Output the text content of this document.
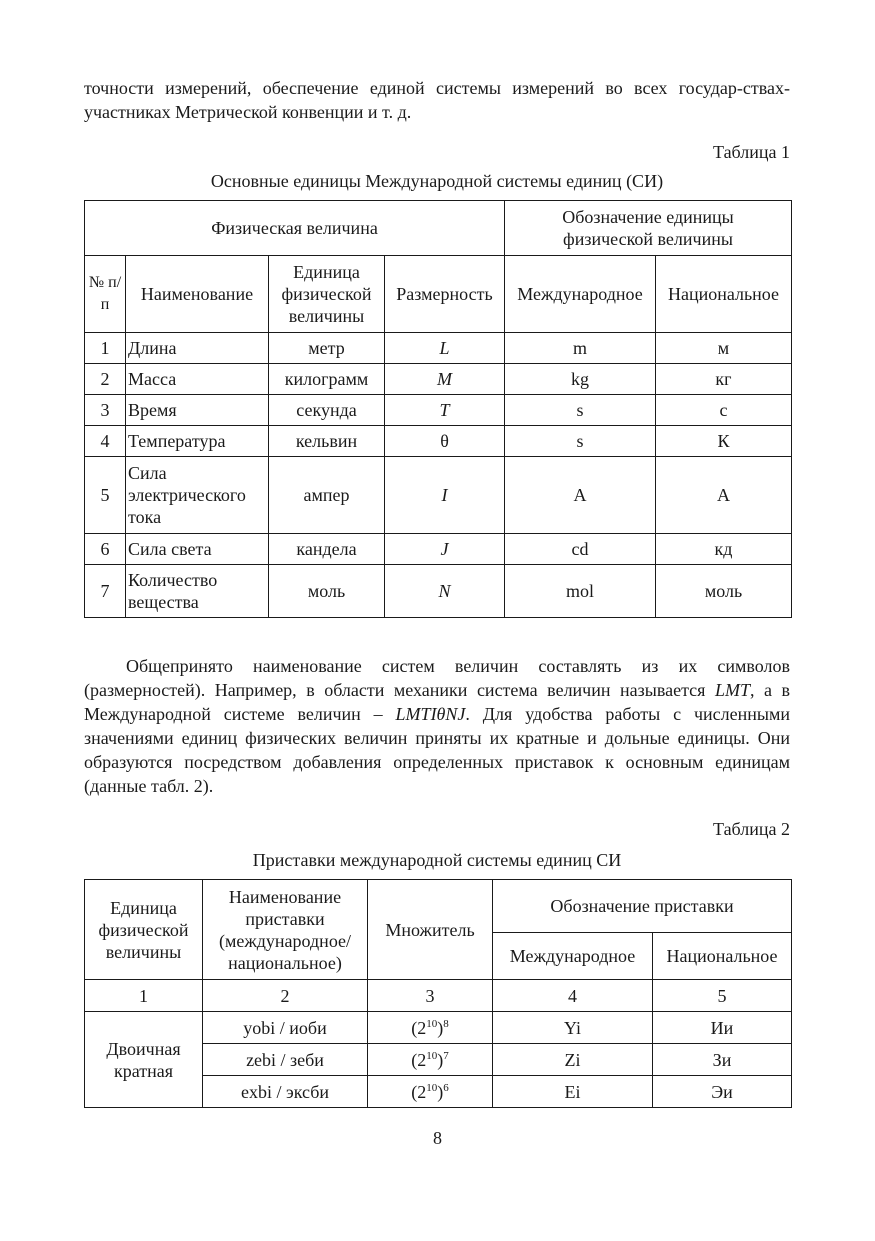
точности измерений, обеспечение единой системы измерений во всех государ-ствах-участниках Метрической конвенции и т. д.

Таблица 1
Основные единицы Международной системы единиц (СИ)
Физическая величина				Обозначение единицы физической величины	
№ п/п	Наименование	Единица физической величины	Размерность	Международное	Национальное
1	Длина	метр	L	m	м
2	Масса	килограмм	M	kg	кг
3	Время	секунда	T	s	с
4	Температура	кельвин	θ	s	К
5	Сила электрического тока	ампер	I	A	А
6	Сила света	кандела	J	cd	кд
7	Количество вещества	моль	N	mol	моль

Общепринято наименование систем величин составлять из их символов (размерностей). Например, в области механики система величин называется LMT, а в Международной системе величин – LMTIθNJ. Для удобства работы с численными значениями единиц физических величин приняты их кратные и дольные единицы. Они образуются посредством добавления определенных приставок к основным единицам (данные табл. 2).

Таблица 2
Приставки международной системы единиц СИ
Единица физической величины	Наименование приставки (международное/ национальное)	Множитель	Обозначение приставки	
			Международное	Национальное
1	2	3	4	5
Двоичная кратная	yobi / иоби	$(2^{10})^8$	Yi	Ии
	zebi / зеби	$(2^{10})^7$	Zi	Зи
	exbi / эксби	$(2^{10})^6$	Ei	Эи
8
